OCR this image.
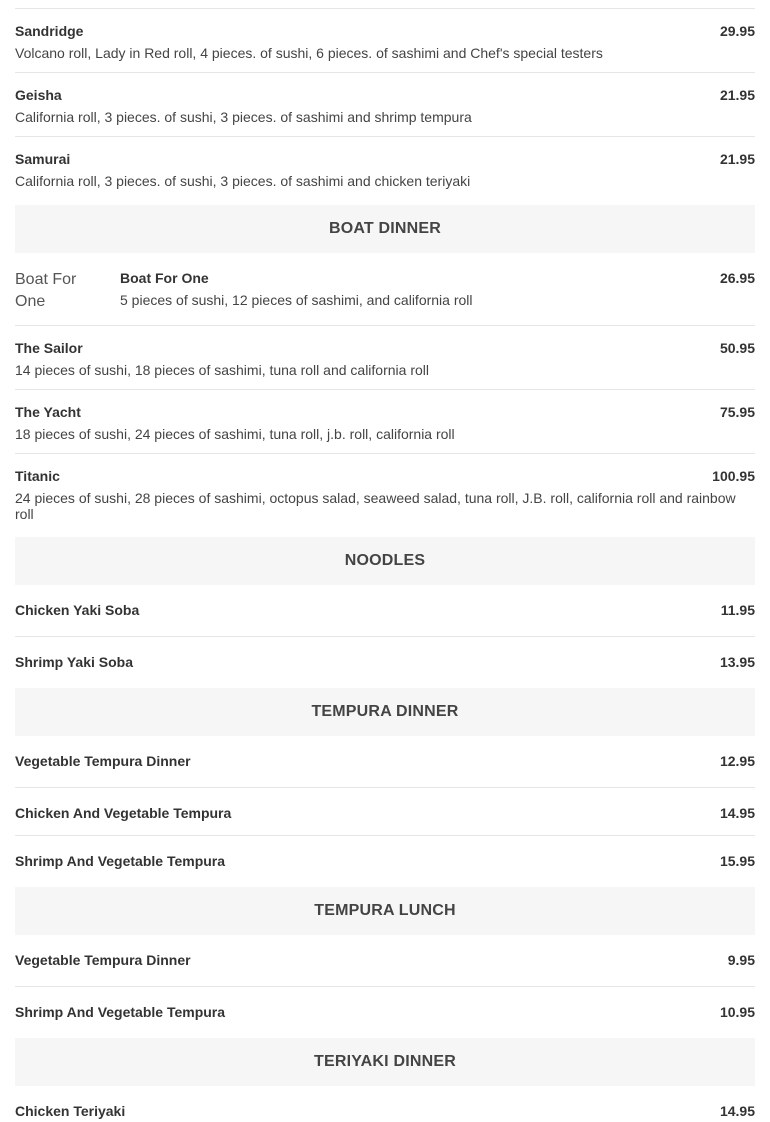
Sandridge	29.95
Volcano roll, Lady in Red roll, 4 pieces. of sushi, 6 pieces. of sashimi and Chef's special testers
Geisha	21.95
California roll, 3 pieces. of sushi, 3 pieces. of sashimi and shrimp tempura
Samurai	21.95
California roll, 3 pieces. of sushi, 3 pieces. of sashimi and chicken teriyaki
BOAT DINNER
Boat For One
Boat For One	26.95
5 pieces of sushi, 12 pieces of sashimi, and california roll
The Sailor	50.95
14 pieces of sushi, 18 pieces of sashimi, tuna roll and california roll
The Yacht	75.95
18 pieces of sushi, 24 pieces of sashimi, tuna roll, j.b. roll, california roll
Titanic	100.95
24 pieces of sushi, 28 pieces of sashimi, octopus salad, seaweed salad, tuna roll, J.B. roll, california roll and rainbow roll
NOODLES
Chicken Yaki Soba	11.95
Shrimp Yaki Soba	13.95
TEMPURA DINNER
Vegetable Tempura Dinner	12.95
Chicken And Vegetable Tempura	14.95
Shrimp And Vegetable Tempura	15.95
TEMPURA LUNCH
Vegetable Tempura Dinner	9.95
Shrimp And Vegetable Tempura	10.95
TERIYAKI DINNER
Chicken Teriyaki	14.95
